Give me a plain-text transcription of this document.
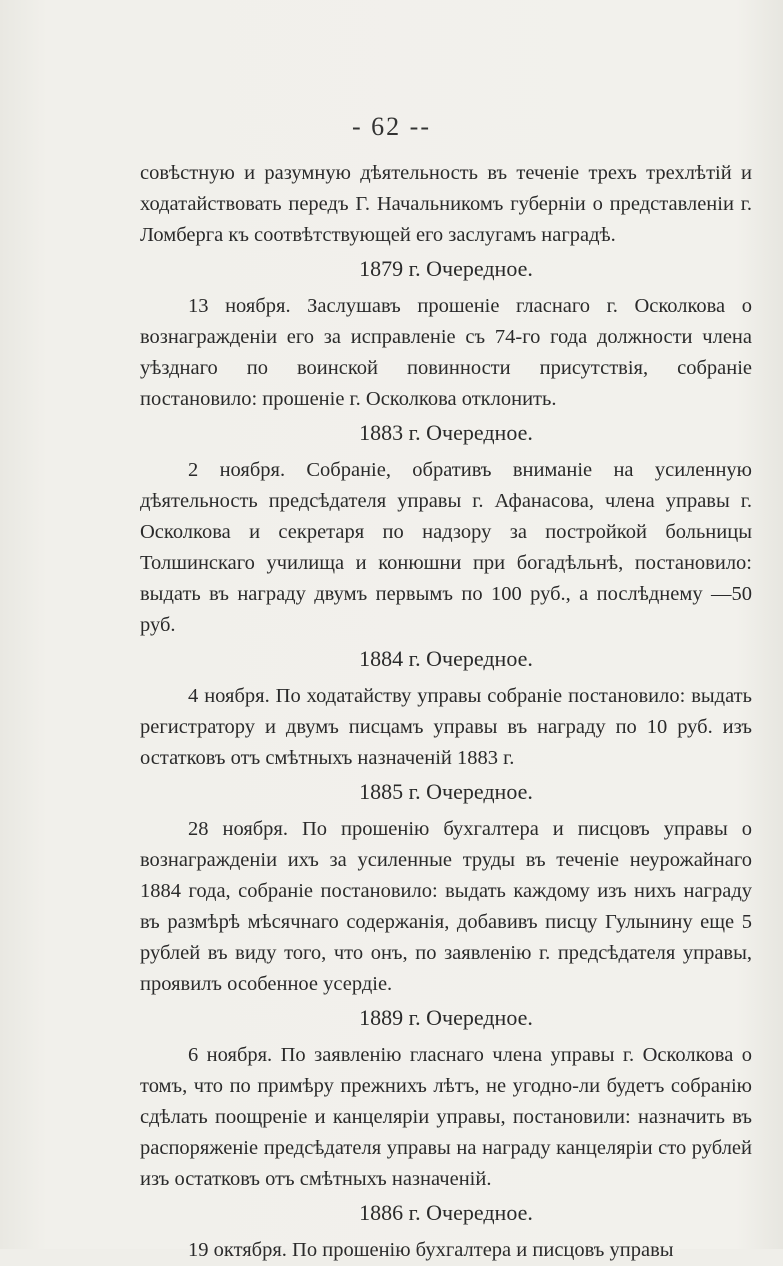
- 62 --

совѣстную и разумную дѣятельность въ теченіе трехъ трехлѣтій и ходатайствовать передъ Г. Начальникомъ губерніи о представленіи г. Ломберга къ соотвѣтствующей его заслугамъ наградѣ.

1879 г. Очередное.

13 ноября. Заслушавъ прошеніе гласнаго г. Осколкова о вознагражденіи его за исправленіе съ 74-го года должности члена уѣзднаго по воинской повинности присутствія, собраніе постановило: прошеніе г. Осколкова отклонить.

1883 г. Очередное.

2 ноября. Собраніе, обративъ вниманіе на усиленную дѣятельность предсѣдателя управы г. Афанасова, члена управы г. Осколкова и секретаря по надзору за постройкой больницы Толшинскаго училища и конюшни при богадѣльнѣ, постановило: выдать въ награду двумъ первымъ по 100 руб., а послѣднему —50 руб.

1884 г. Очередное.

4 ноября. По ходатайству управы собраніе постановило: выдать регистратору и двумъ писцамъ управы въ награду по 10 руб. изъ остатковъ отъ смѣтныхъ назначеній 1883 г.

1885 г. Очередное.

28 ноября. По прошенію бухгалтера и писцовъ управы о вознагражденіи ихъ за усиленные труды въ теченіе неурожайнаго 1884 года, собраніе постановило: выдать каждому изъ нихъ награду въ размѣрѣ мѣсячнаго содержанія, добавивъ писцу Гулынину еще 5 рублей въ виду того, что онъ, по заявленію г. предсѣдателя управы, проявилъ особенное усердіе.

1889 г. Очередное.

6 ноября. По заявленію гласнаго члена управы г. Осколкова о томъ, что по примѣру прежнихъ лѣтъ, не угодно-ли будетъ собранію сдѣлать поощреніе и канцеляріи управы, постановили: назначить въ распоряженіе предсѣдателя управы на награду канцеляріи сто рублей изъ остатковъ отъ смѣтныхъ назначеній.

1886 г. Очередное.

19 октября. По прошенію бухгалтера и писцовъ управы
